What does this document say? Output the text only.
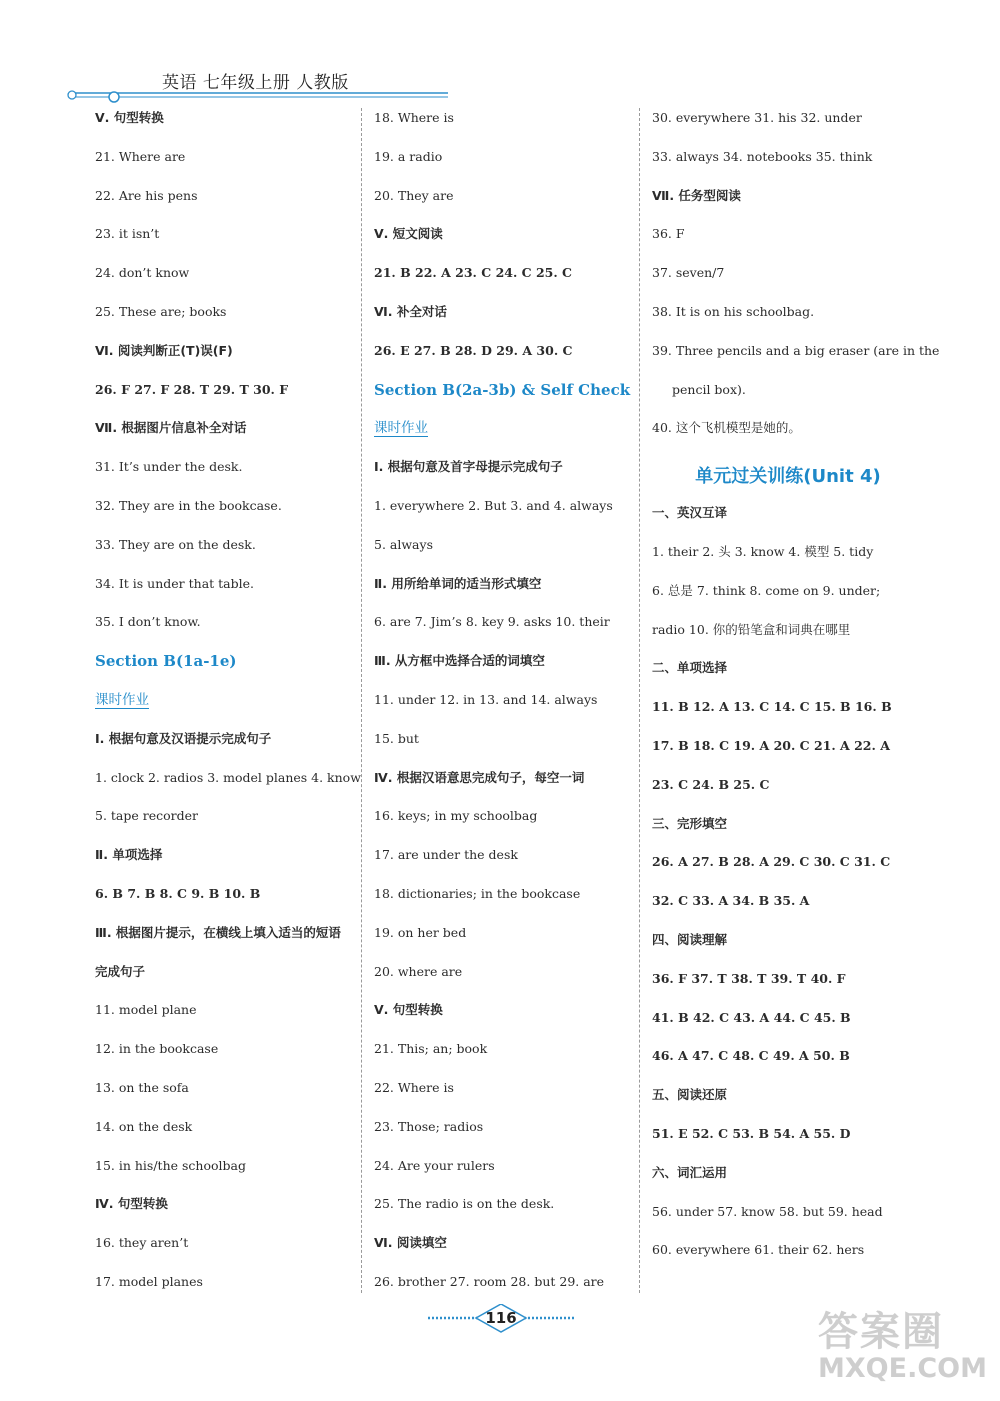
英语 七年级上册 人教版
Ⅴ. 句型转换
21. Where are
22. Are his pens
23. it isn’t
24. don’t know
25. These are; books
Ⅵ. 阅读判断正(T)误(F)
26. F 27. F 28. T 29. T 30. F
Ⅶ. 根据图片信息补全对话
31. It’s under the desk.
32. They are in the bookcase.
33. They are on the desk.
34. It is under that table.
35. I don’t know.
Section B(1a-1e)
课时作业
Ⅰ. 根据句意及汉语提示完成句子
1. clock 2. radios 3. model planes 4. know
5. tape recorder
Ⅱ. 单项选择
6. B 7. B 8. C 9. B 10. B
Ⅲ. 根据图片提示，在横线上填入适当的短语
完成句子
11. model plane
12. in the bookcase
13. on the sofa
14. on the desk
15. in his/the schoolbag
Ⅳ. 句型转换
16. they aren’t
17. model planes
18. Where is
19. a radio
20. They are
Ⅴ. 短文阅读
21. B 22. A 23. C 24. C 25. C
Ⅵ. 补全对话
26. E 27. B 28. D 29. A 30. C
Section B(2a-3b) & Self Check
课时作业
Ⅰ. 根据句意及首字母提示完成句子
1. everywhere 2. But 3. and 4. always
5. always
Ⅱ. 用所给单词的适当形式填空
6. are 7. Jim’s 8. key 9. asks 10. their
Ⅲ. 从方框中选择合适的词填空
11. under 12. in 13. and 14. always
15. but
Ⅳ. 根据汉语意思完成句子，每空一词
16. keys; in my schoolbag
17. are under the desk
18. dictionaries; in the bookcase
19. on her bed
20. where are
Ⅴ. 句型转换
21. This; an; book
22. Where is
23. Those; radios
24. Are your rulers
25. The radio is on the desk.
Ⅵ. 阅读填空
26. brother 27. room 28. but 29. are
30. everywhere 31. his 32. under
33. always 34. notebooks 35. think
Ⅶ. 任务型阅读
36. F
37. seven/7
38. It is on his schoolbag.
39. Three pencils and a big eraser (are in the
pencil box).
40. 这个飞机模型是她的。
单元过关训练(Unit 4)
一、英汉互译
1. their 2. 头 3. know 4. 模型 5. tidy
6. 总是 7. think 8. come on 9. under;
radio 10. 你的铅笔盒和词典在哪里
二、单项选择
11. B 12. A 13. C 14. C 15. B 16. B
17. B 18. C 19. A 20. C 21. A 22. A
23. C 24. B 25. C
三、完形填空
26. A 27. B 28. A 29. C 30. C 31. C
32. C 33. A 34. B 35. A
四、阅读理解
36. F 37. T 38. T 39. T 40. F
41. B 42. C 43. A 44. C 45. B
46. A 47. C 48. C 49. A 50. B
五、阅读还原
51. E 52. C 53. B 54. A 55. D
六、词汇运用
56. under 57. know 58. but 59. head
60. everywhere 61. their 62. hers
116	答案圈
MXQE.COM
